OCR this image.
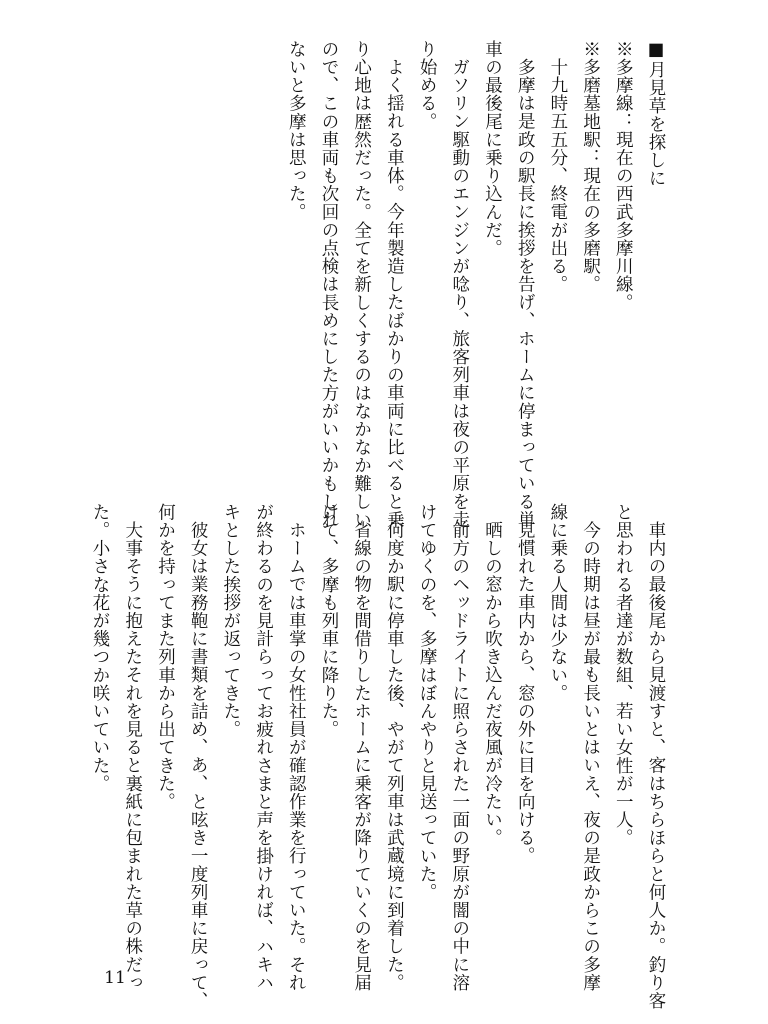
■月見草を探しに

※多摩線：現在の西武多摩川線。

※多磨墓地駅：現在の多磨駅。

十九時五五分、終電が出る。

多摩は是政の駅長に挨拶を告げ、ホームに停まっている単

車の最後尾に乗り込んだ。

ガソリン駆動のエンジンが唸り、旅客列車は夜の平原を走

り始める。

よく揺れる車体。今年製造したばかりの車両に比べると乗

り心地は歴然だった。全てを新しくするのはなかなか難しい

ので、この車両も次回の点検は長めにした方がいいかもしれ

ないと多摩は思った。

車内の最後尾から見渡すと、客はちらほらと何人か。釣り客

と思われる者達が数組、若い女性が一人。

今の時期は昼が最も長いとはいえ、夜の是政からこの多摩

線に乗る人間は少ない。

見慣れた車内から、窓の外に目を向ける。

晒しの窓から吹き込んだ夜風が冷たい。

前方のヘッドライトに照らされた一面の野原が闇の中に溶

けてゆくのを、多摩はぼんやりと見送っていた。

何度か駅に停車した後、やがて列車は武蔵境に到着した。

省線の物を間借りしたホームに乗客が降りていくのを見届

けて、多摩も列車に降りた。

ホームでは車掌の女性社員が確認作業を行っていた。それ

が終わるのを見計らってお疲れさまと声を掛ければ、ハキハ

キとした挨拶が返ってきた。

彼女は業務鞄に書類を詰め、あ、と呟き一度列車に戻って、

何かを持ってまた列車から出てきた。

大事そうに抱えたそれを見ると裏紙に包まれた草の株だっ

た。小さな花が幾つか咲いていた。

11
